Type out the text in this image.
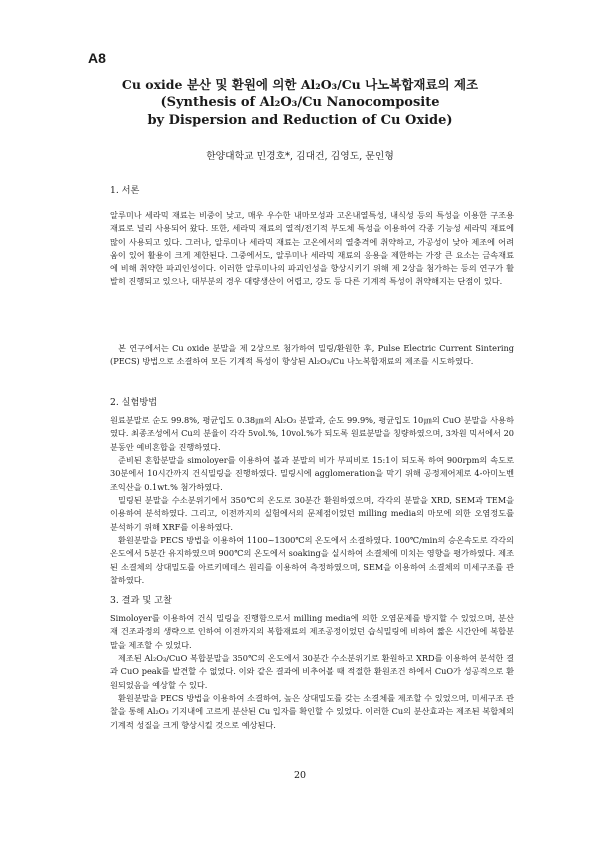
A8
Cu oxide 분산 및 환원에 의한 Al₂O₃/Cu 나노복합재료의 제조
(Synthesis of Al₂O₃/Cu Nanocomposite
by Dispersion and Reduction of Cu Oxide)
한양대학교 민경호*, 김대건, 김영도, 문인형
1. 서론

알루미나 세라믹 재료는 비중이 낮고, 매우 우수한 내마모성과 고온내열특성, 내식성 등의 특성을 이용한 구조용 재료로 널리 사용되어 왔다. 또한, 세라믹 재료의 열적/전기적 부도체 특성을 이용하여 각종 기능성 세라믹 재료에 많이 사용되고 있다. 그러나, 알루미나 세라믹 재료는 고온에서의 열충격에 취약하고, 가공성이 낮아 제조에 어려움이 있어 활용이 크게 제한된다. 그중에서도, 알루미나 세라믹 재료의 응용을 제한하는 가장 큰 요소는 금속재료에 비해 취약한 파괴인성이다. 이러한 알루미나의 파괴인성을 향상시키기 위해 제 2상을 첨가하는 등의 연구가 활발히 진행되고 있으나, 대부분의 경우 대량생산이 어렵고, 강도 등 다른 기계적 특성이 취약해지는 단점이 있다.

본 연구에서는 Cu oxide 분말을 제 2상으로 첨가하여 밀링/환원한 후, Pulse Electric Current Sintering (PECS) 방법으로 소결하여 모든 기계적 특성이 향상된 Al₂O₃/Cu 나노복합재료의 제조를 시도하였다.

2. 실험방법

원료분말로 순도 99.8%, 평균입도 0.38㎛의 Al₂O₃ 분말과, 순도 99.9%, 평균입도 10㎛의 CuO 분말을 사용하였다. 최종조성에서 Cu의 분율이 각각 5vol.%, 10vol.%가 되도록 원료분말을 칭량하였으며, 3차원 믹서에서 20분동안 예비혼합을 진행하였다.

준비된 혼합분말을 simoloyer를 이용하여 볼과 분말의 비가 부피비로 15:1이 되도록 하여 900rpm의 속도로 30분에서 10시간까지 건식밀링을 진행하였다. 밀링시에 agglomeration을 막기 위해 공정제어제로 4-아미노벤조익산을 0.1wt.% 첨가하였다.

밀링된 분말을 수소분위기에서 350℃의 온도로 30분간 환원하였으며, 각각의 분말을 XRD, SEM과 TEM을 이용하여 분석하였다. 그리고, 이전까지의 실험에서의 문제점이었던 milling media의 마모에 의한 오염정도를 분석하기 위해 XRF를 이용하였다.

환원분말을 PECS 방법을 이용하여 1100~1300℃의 온도에서 소결하였다. 100℃/min의 승온속도로 각각의 온도에서 5분간 유지하였으며 900℃의 온도에서 soaking을 실시하여 소결체에 미치는 영향을 평가하였다. 제조된 소결체의 상대밀도를 아르키메데스 원리를 이용하여 측정하였으며, SEM을 이용하여 소결체의 미세구조를 관찰하였다.

3. 결과 및 고찰

Simoloyer를 이용하여 건식 밀링을 진행함으로서 milling media에 의한 오염문제를 방지할 수 있었으며, 분산재 건조과정의 생략으로 인하여 이전까지의 복합재료의 제조공정이었던 습식밀링에 비하여 짧은 시간안에 복합분말을 제조할 수 있었다.

제조된 Al₂O₃/CuO 복합분말을 350℃의 온도에서 30분간 수소분위기로 환원하고 XRD를 이용하여 분석한 결과 CuO peak를 발견할 수 없었다. 이와 같은 결과에 비추어볼 때 적절한 환원조건 하에서 CuO가 성공적으로 환원되었음을 예상할 수 있다.

환원분말을 PECS 방법을 이용하여 소결하여, 높은 상대밀도를 갖는 소결체를 제조할 수 있었으며, 미세구조 관찰을 통해 Al₂O₃ 기지내에 고르게 분산된 Cu 입자를 확인할 수 있었다. 이러한 Cu의 분산효과는 제조된 복합체의 기계적 성질을 크게 향상시킬 것으로 예상된다.

20
